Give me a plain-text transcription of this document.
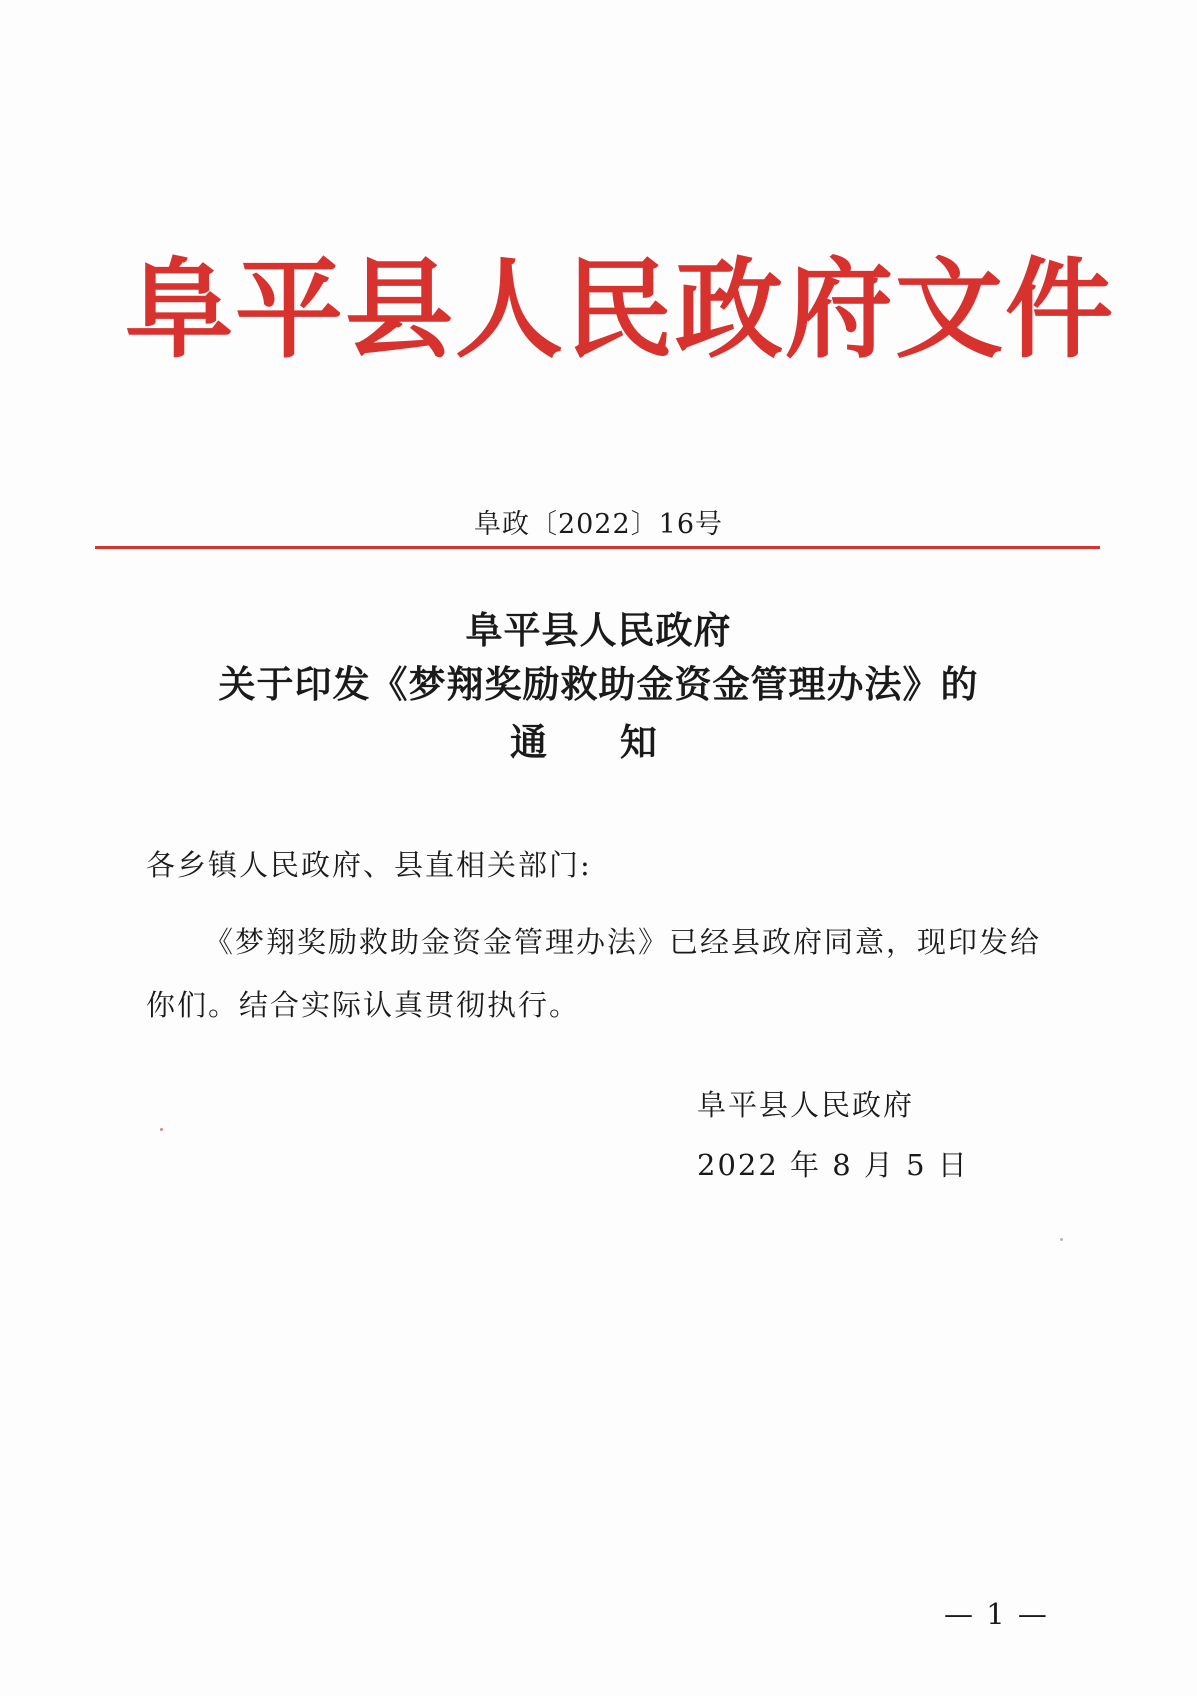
阜平县人民政府文件
阜政〔2022〕16号
阜平县人民政府
关于印发《梦翔奖励救助金资金管理办法》的
通 知
各乡镇人民政府、县直相关部门:
《梦翔奖励救助金资金管理办法》已经县政府同意，现印发给你们。结合实际认真贯彻执行。
阜平县人民政府
2022 年 8 月 5 日
— 1 —
